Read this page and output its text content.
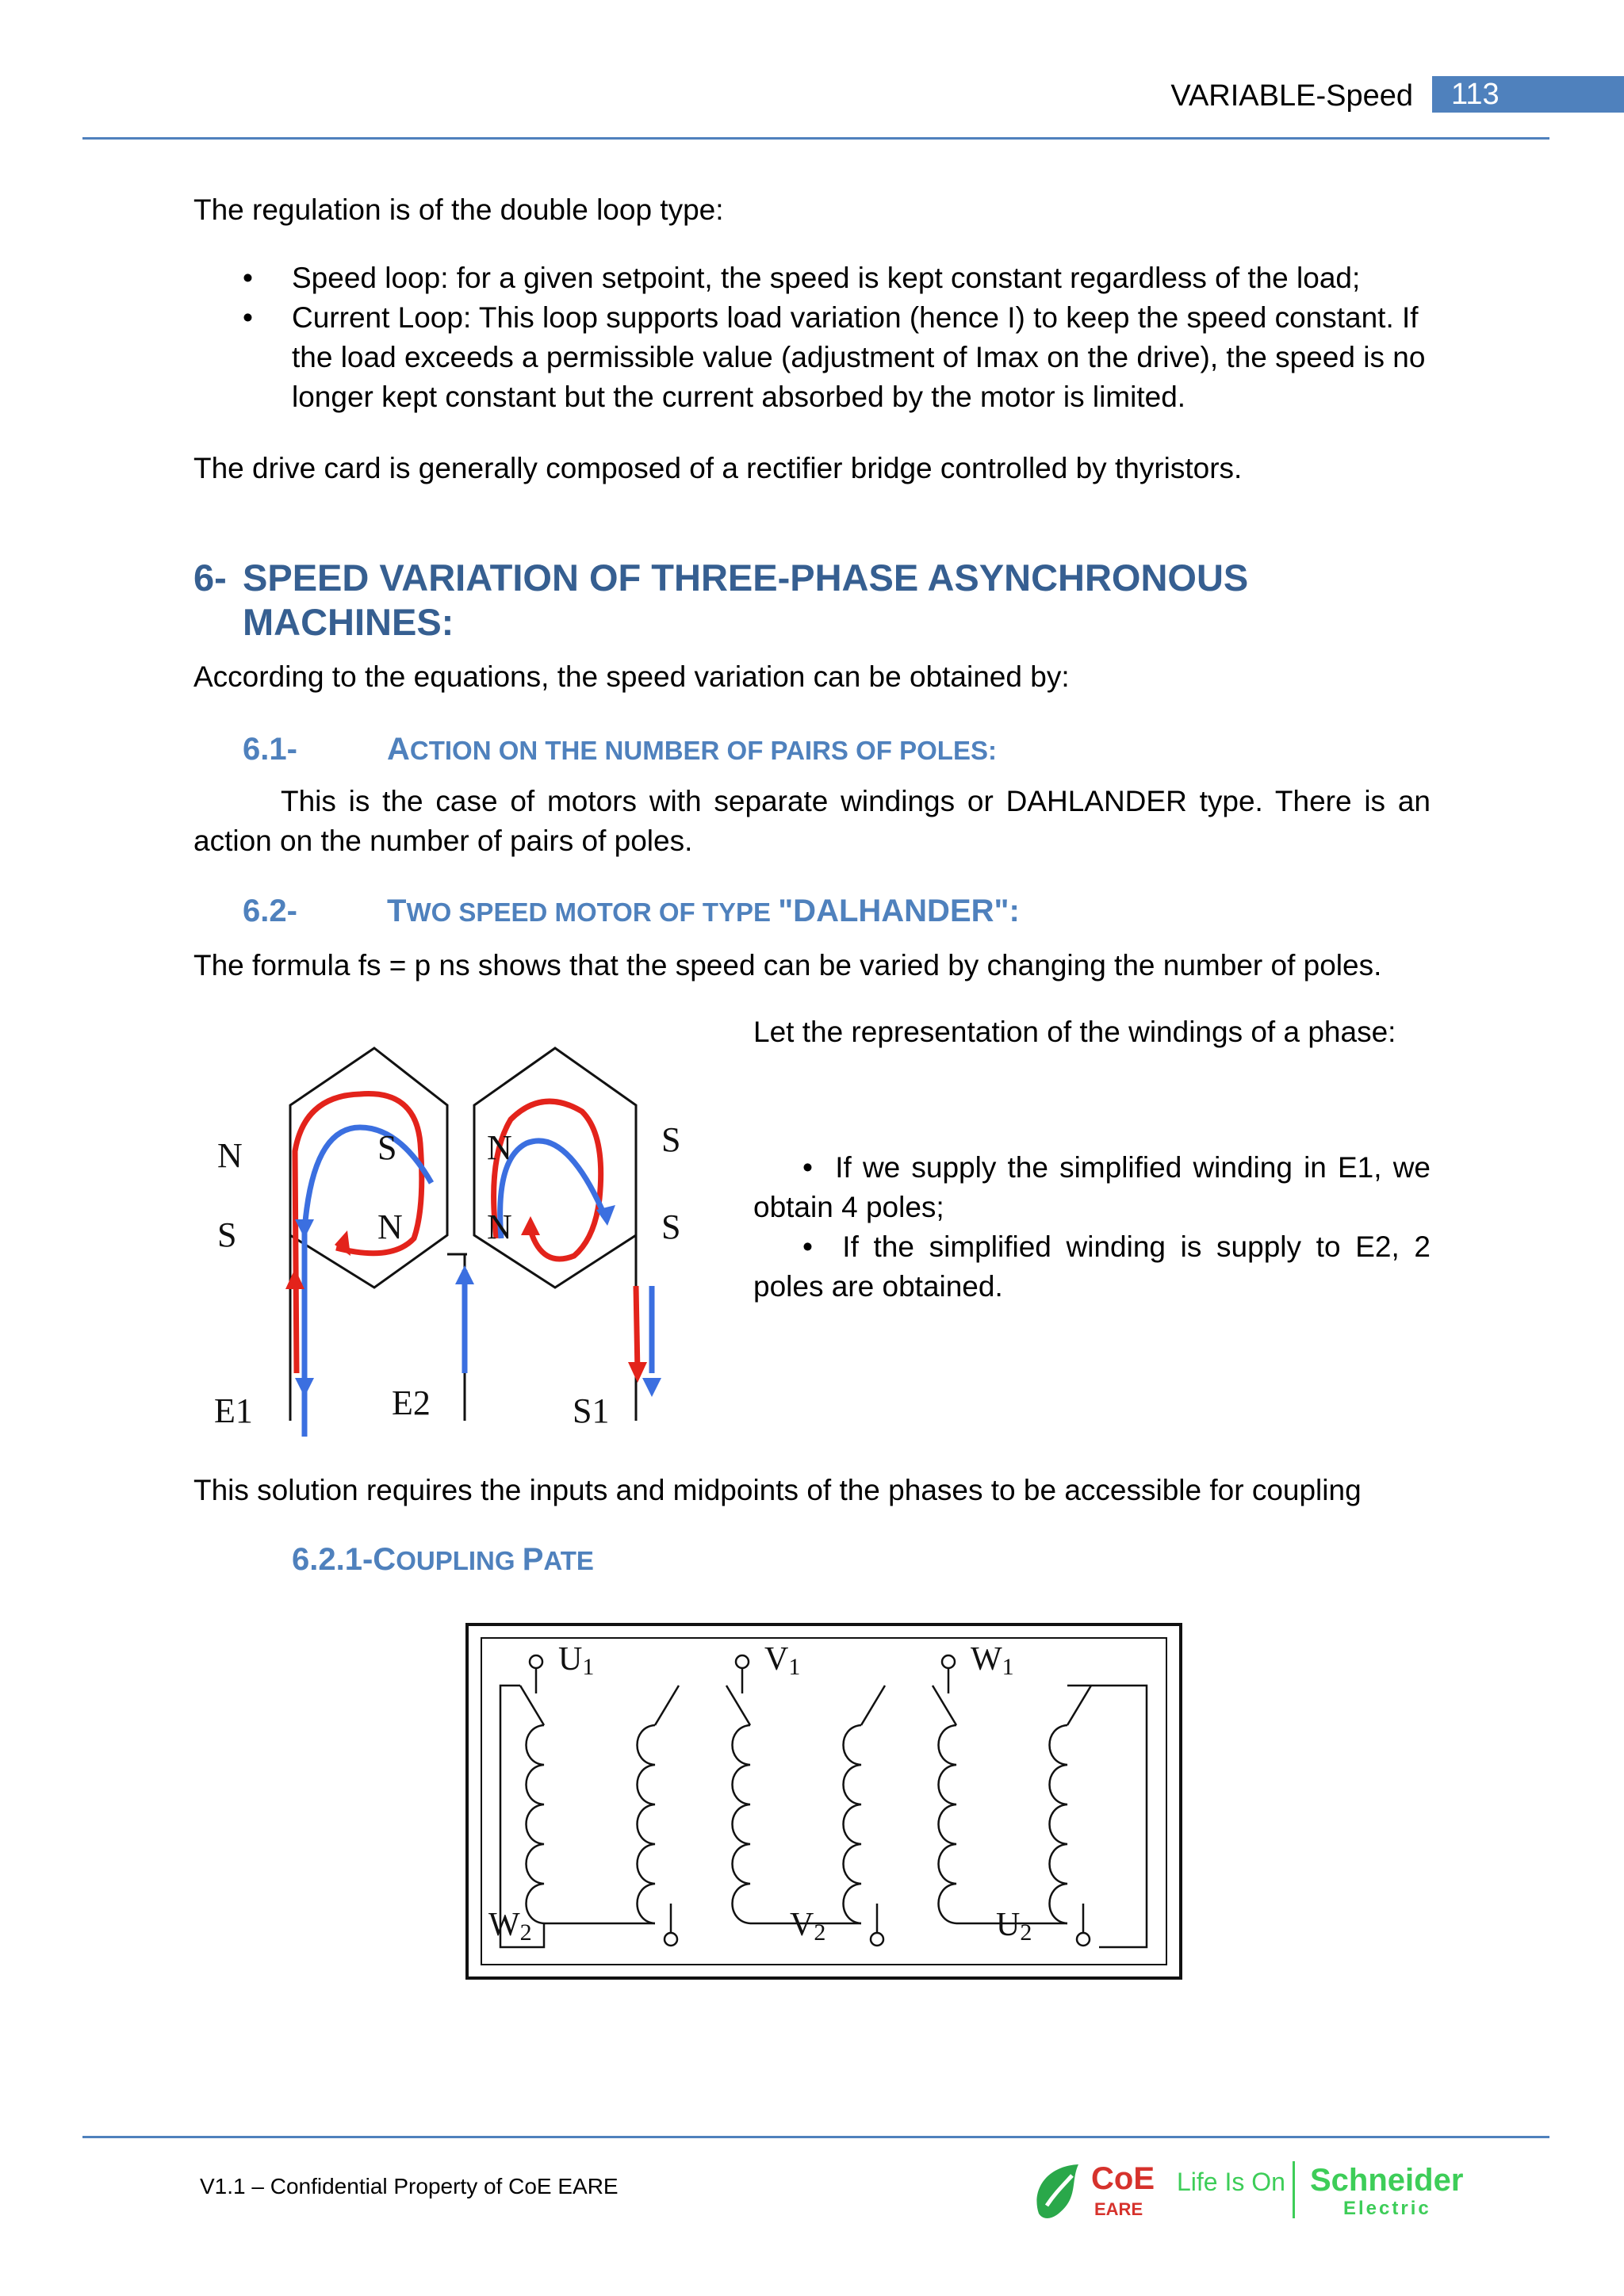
VARIABLE-Speed	113

The regulation is of the double loop type:

• Speed loop: for a given setpoint, the speed is kept constant regardless of the load;
• Current Loop: This loop supports load variation (hence I) to keep the speed constant. If the load exceeds a permissible value (adjustment of Imax on the drive), the speed is no longer kept constant but the current absorbed by the motor is limited.

The drive card is generally composed of a rectifier bridge controlled by thyristors.

6- SPEED VARIATION OF THREE-PHASE ASYNCHRONOUS
MACHINES:

According to the equations, the speed variation can be obtained by:

6.1-	ACTION ON THE NUMBER OF PAIRS OF POLES:

This is the case of motors with separate windings or DAHLANDER type. There is an action on the number of pairs of poles.

6.2-	TWO SPEED MOTOR OF TYPE "DALHANDER":

The formula fs = p ns shows that the speed can be varied by changing the number of poles.

N
S
S
N
N
N
S
S
E1	E2	S1

Let the representation of the windings of a phase:

•  If we supply the simplified winding in E1, we obtain 4 poles;

•  If the simplified winding is supply to E2, 2 poles are obtained.

This solution requires the inputs and midpoints of the phases to be accessible for coupling

6.2.1-COUPLING PATE
U1
W2
V1
V2
W1
U2
V1.1 – Confidential Property of CoE EARE	CoE
EARE
Life Is On Schneider
Electric
